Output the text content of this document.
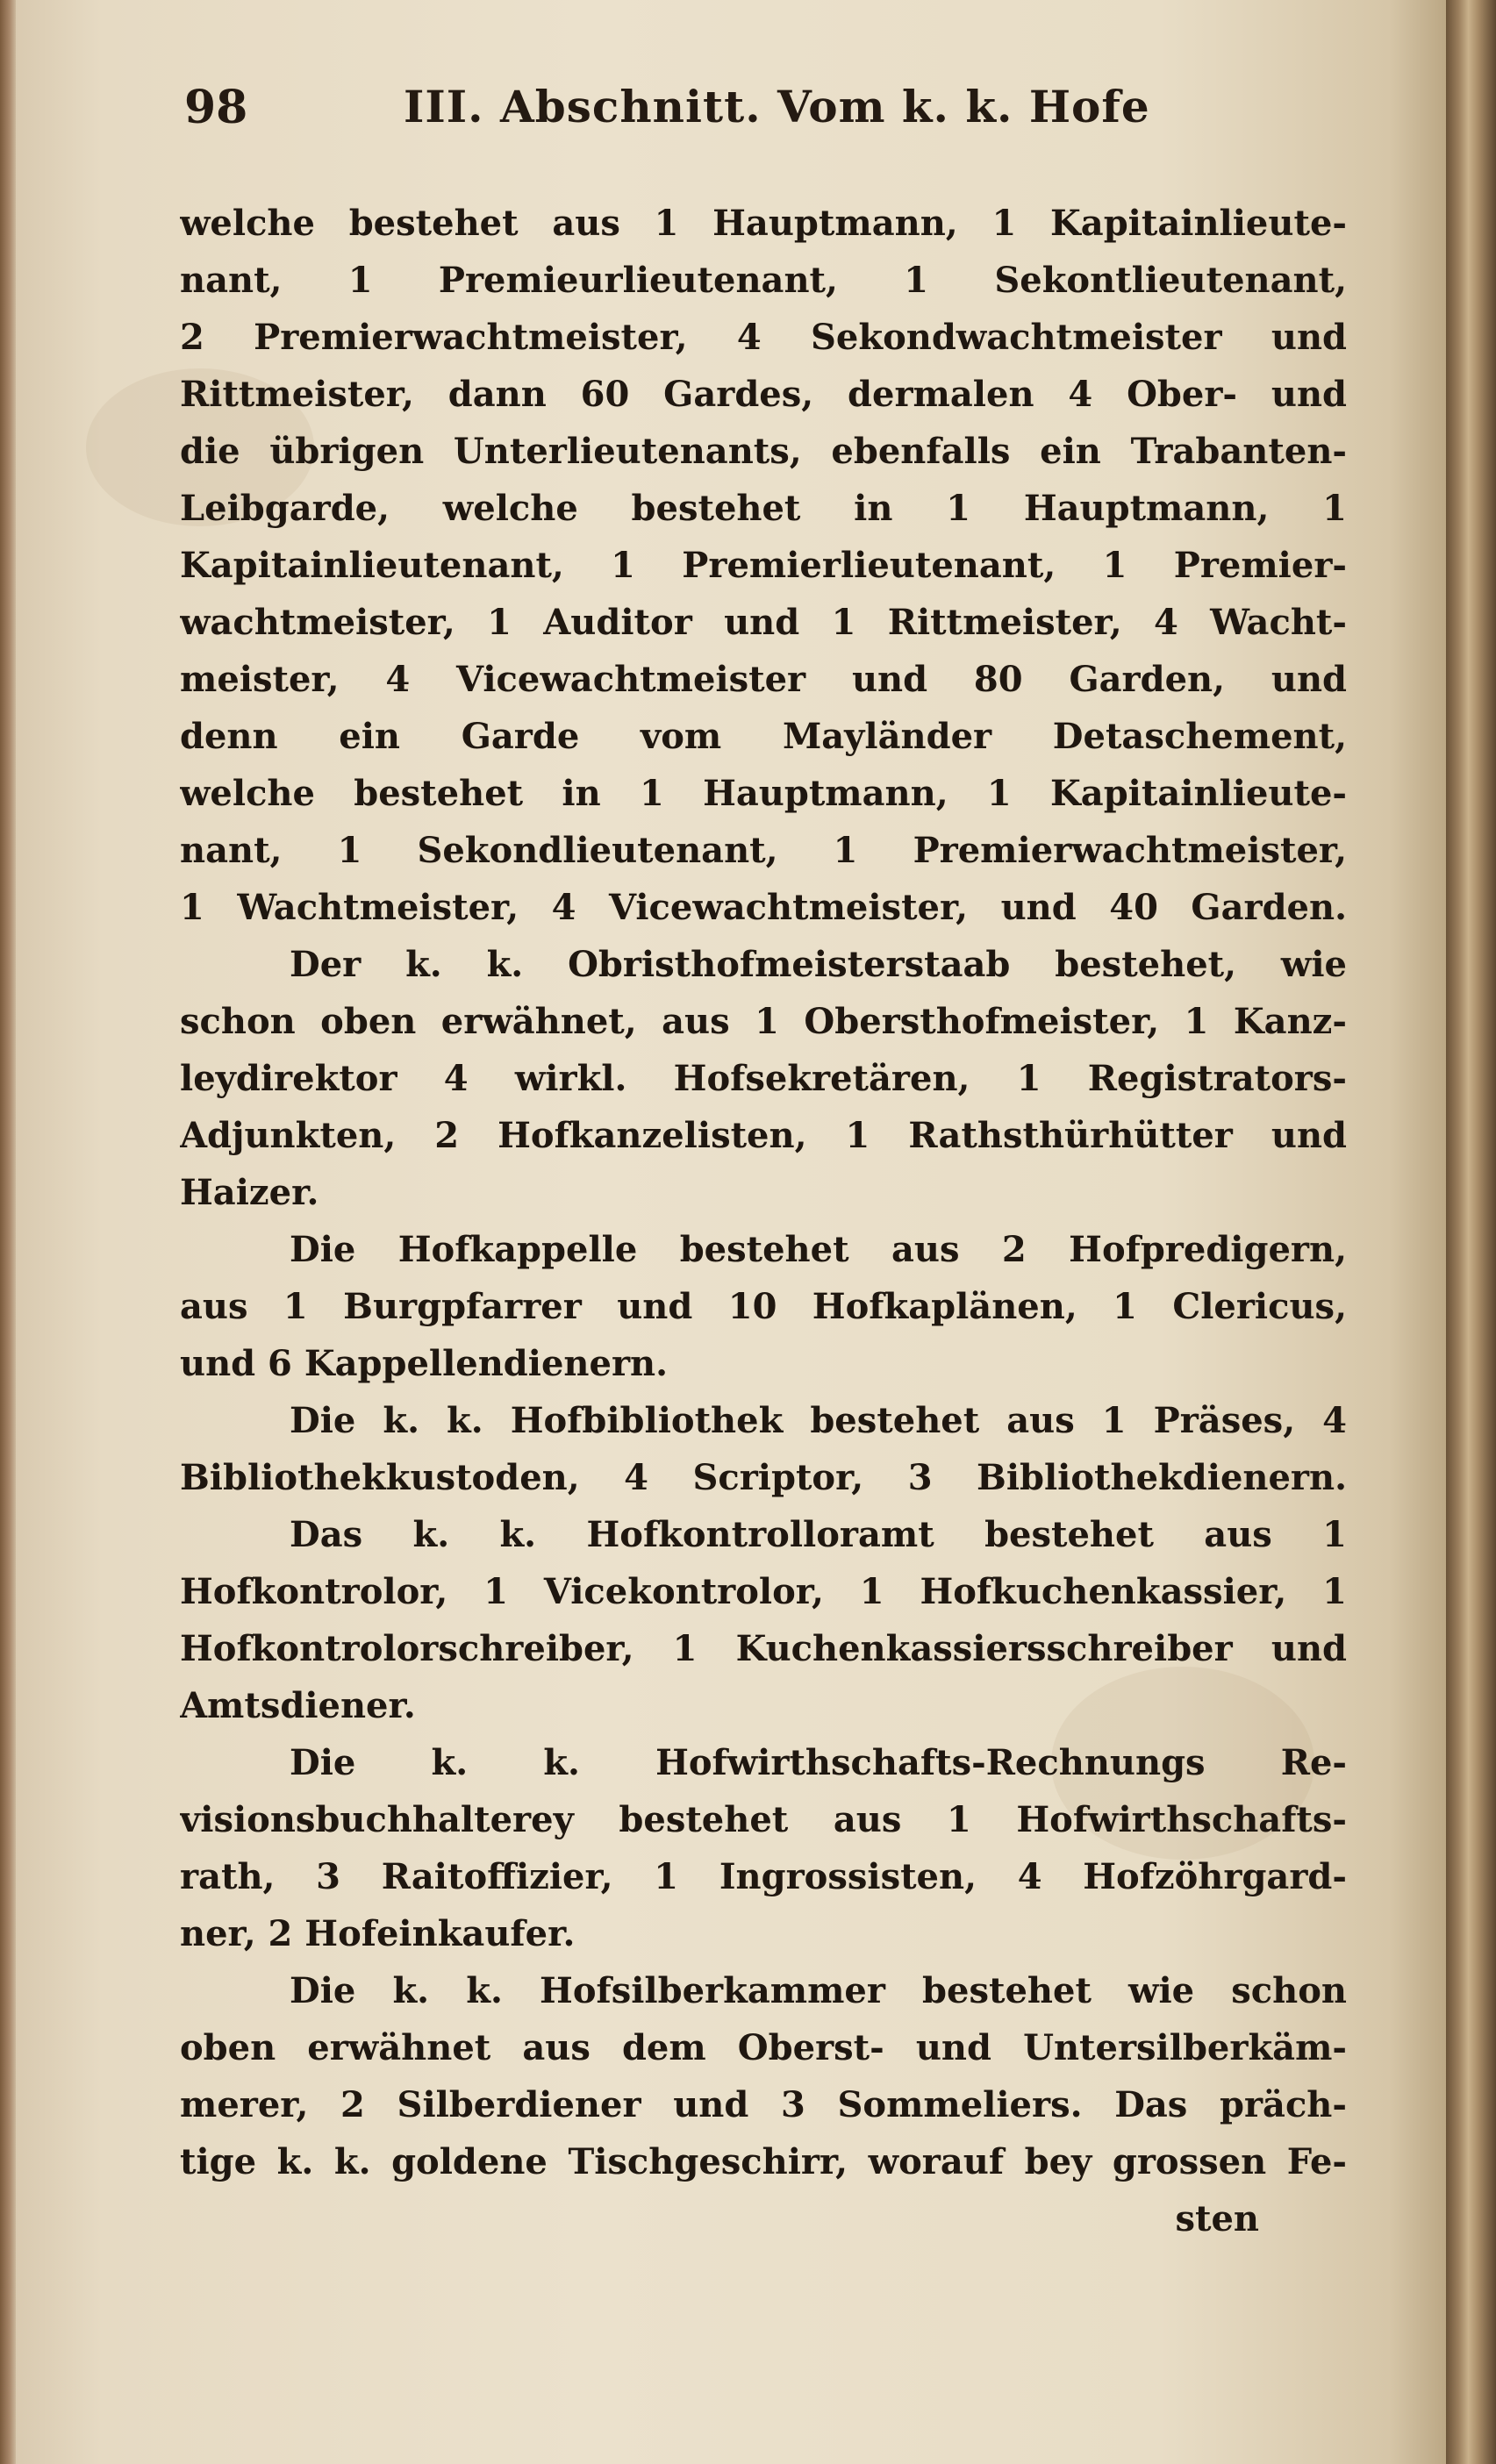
98	III. Abschnitt. Vom k. k. Hofe
welche bestehet aus 1 Hauptmann, 1 Kapitainlieute-
nant, 1 Premieurlieutenant, 1 Sekontlieutenant,
2 Premierwachtmeister, 4 Sekondwachtmeister und
Rittmeister, dann 60 Gardes, dermalen 4 Ober- und
die übrigen Unterlieutenants, ebenfalls ein Trabanten-
Leibgarde, welche bestehet in 1 Hauptmann, 1
Kapitainlieutenant, 1 Premierlieutenant, 1 Premier-
wachtmeister, 1 Auditor und 1 Rittmeister, 4 Wacht-
meister, 4 Vicewachtmeister und 80 Garden, und
denn ein Garde vom Mayländer Detaschement,
welche bestehet in 1 Hauptmann, 1 Kapitainlieute-
nant, 1 Sekondlieutenant, 1 Premierwachtmeister,
1 Wachtmeister, 4 Vicewachtmeister, und 40 Garden.
Der k. k. Obristhofmeisterstaab bestehet, wie
schon oben erwähnet, aus 1 Obersthofmeister, 1 Kanz-
leydirektor 4 wirkl. Hofsekretären, 1 Registrators-
Adjunkten, 2 Hofkanzelisten, 1 Rathsthürhütter und
Haizer.
Die Hofkappelle bestehet aus 2 Hofpredigern,
aus 1 Burgpfarrer und 10 Hofkaplänen, 1 Clericus,
und 6 Kappellendienern.
Die k. k. Hofbibliothek bestehet aus 1 Präses, 4
Bibliothekkustoden, 4 Scriptor, 3 Bibliothekdienern.
Das k. k. Hofkontrolloramt bestehet aus 1
Hofkontrolor, 1 Vicekontrolor, 1 Hofkuchenkassier, 1
Hofkontrolorschreiber, 1 Kuchenkassiersschreiber und
Amtsdiener.
Die k. k. Hofwirthschafts-Rechnungs Re-
visionsbuchhalterey bestehet aus 1 Hofwirthschafts-
rath, 3 Raitoffizier, 1 Ingrossisten, 4 Hofzöhrgard-
ner, 2 Hofeinkaufer.
Die k. k. Hofsilberkammer bestehet wie schon
oben erwähnet aus dem Oberst- und Untersilberkäm-
merer, 2 Silberdiener und 3 Sommeliers. Das präch-
tige k. k. goldene Tischgeschirr, worauf bey grossen Fe-
sten
